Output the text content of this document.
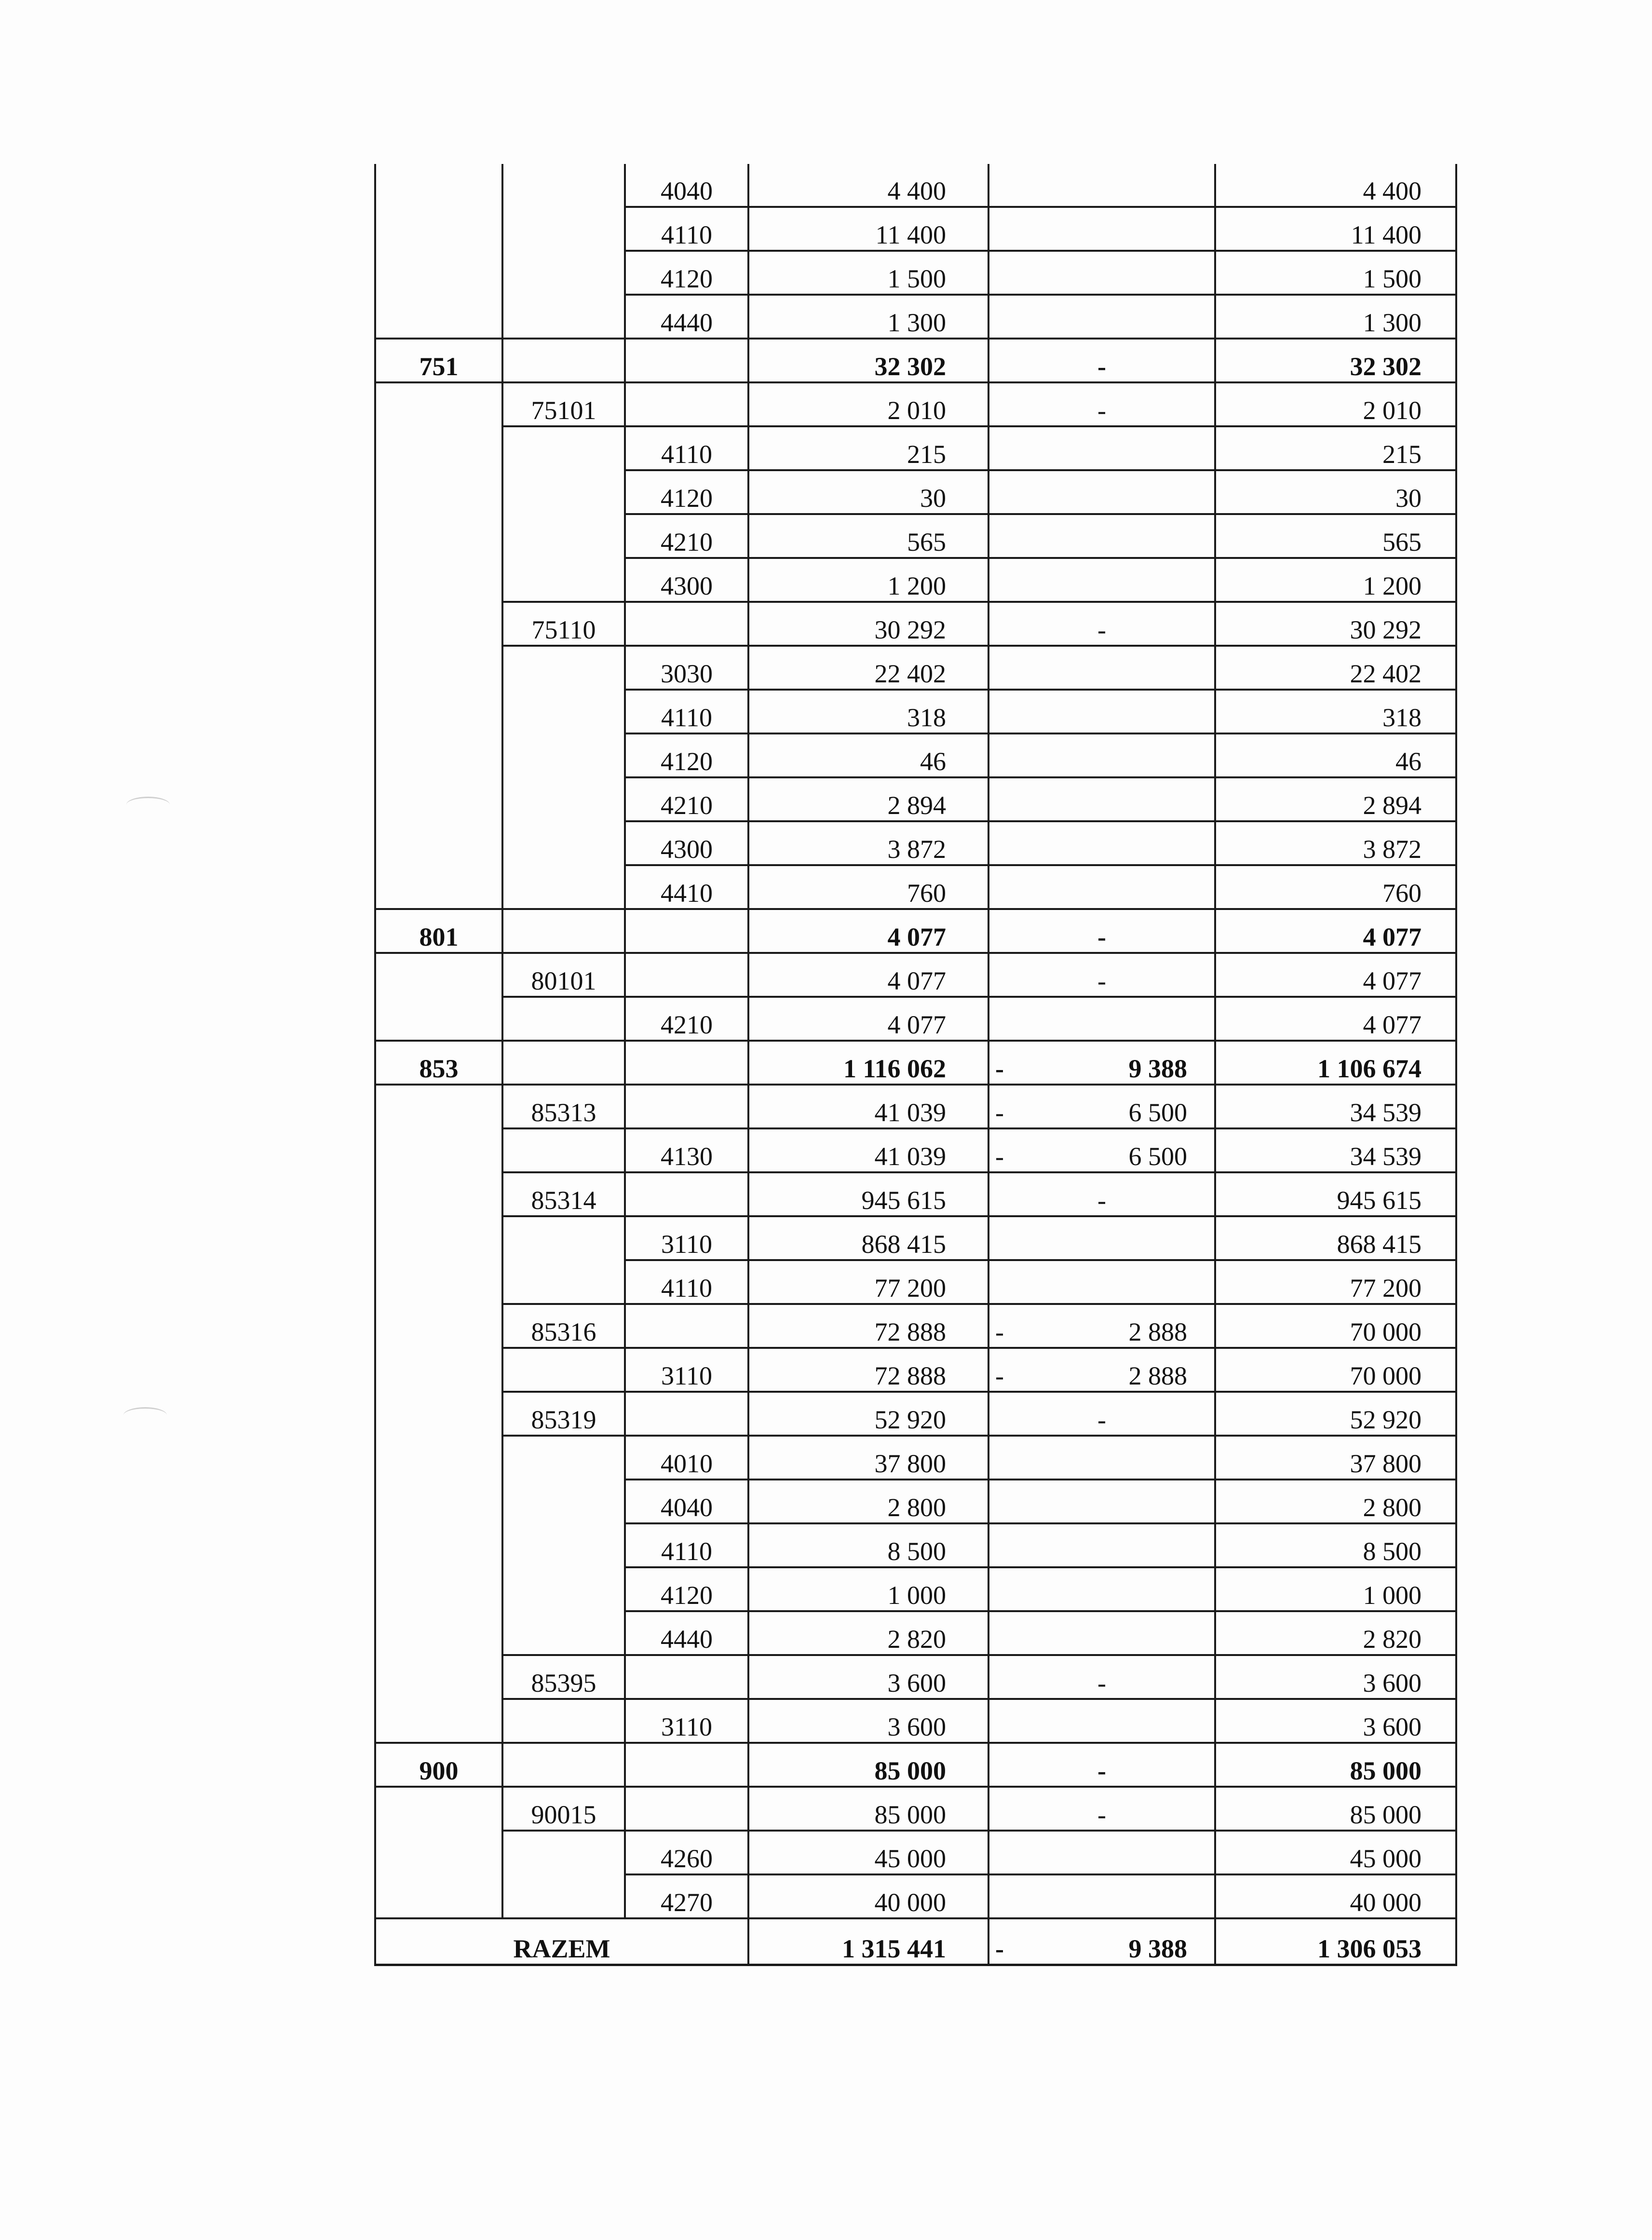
		4040	4 400		4 400
		4110	11 400		11 400
		4120	1 500		1 500
		4440	1 300		1 300
751			32 302	-	32 302
	75101		2 010	-	2 010
		4110	215		215
		4120	30		30
		4210	565		565
		4300	1 200		1 200
	75110		30 292	-	30 292
		3030	22 402		22 402
		4110	318		318
		4120	46		46
		4210	2 894		2 894
		4300	3 872		3 872
		4410	760		760
801			4 077	-	4 077
	80101		4 077	-	4 077
		4210	4 077		4 077
853			1 116 062	- 9 388	1 106 674
	85313		41 039	- 6 500	34 539
		4130	41 039	- 6 500	34 539
	85314		945 615	-	945 615
		3110	868 415		868 415
		4110	77 200		77 200
	85316		72 888	- 2 888	70 000
		3110	72 888	- 2 888	70 000
	85319		52 920	-	52 920
		4010	37 800		37 800
		4040	2 800		2 800
		4110	8 500		8 500
		4120	1 000		1 000
		4440	2 820		2 820
	85395		3 600	-	3 600
		3110	3 600		3 600
900			85 000	-	85 000
	90015		85 000	-	85 000
		4260	45 000		45 000
		4270	40 000		40 000
RAZEM			1 315 441	- 9 388	1 306 053
